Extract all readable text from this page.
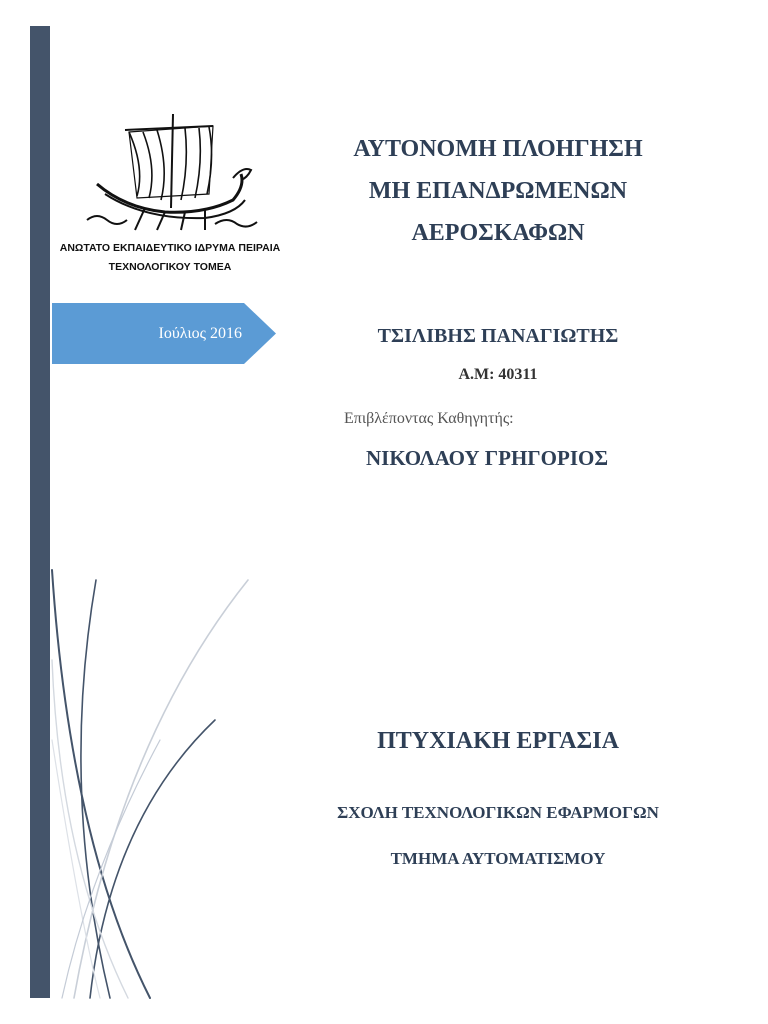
ΑΝΩΤΑΤΟ ΕΚΠΑΙΔΕΥΤΙΚΟ ΙΔΡΥΜΑ ΠΕΙΡΑΙΑ
ΤΕΧΝΟΛΟΓΙΚΟΥ ΤΟΜΕΑ
Ιούλιος 2016
ΑΥΤΟΝΟΜΗ ΠΛΟΗΓΗΣΗ
ΜΗ ΕΠΑΝΔΡΩΜΕΝΩΝ
ΑΕΡΟΣΚΑΦΩΝ
ΤΣΙΛΙΒΗΣ ΠΑΝΑΓΙΩΤΗΣ
Α.Μ: 40311
Επιβλέποντας Καθηγητής:
ΝΙΚΟΛΑΟΥ ΓΡΗΓΟΡΙΟΣ
ΠΤΥΧΙΑΚΗ ΕΡΓΑΣΙΑ
ΣΧΟΛΗ ΤΕΧΝΟΛΟΓΙΚΩΝ ΕΦΑΡΜΟΓΩΝ
ΤΜΗΜΑ ΑΥΤΟΜΑΤΙΣΜΟΥ
